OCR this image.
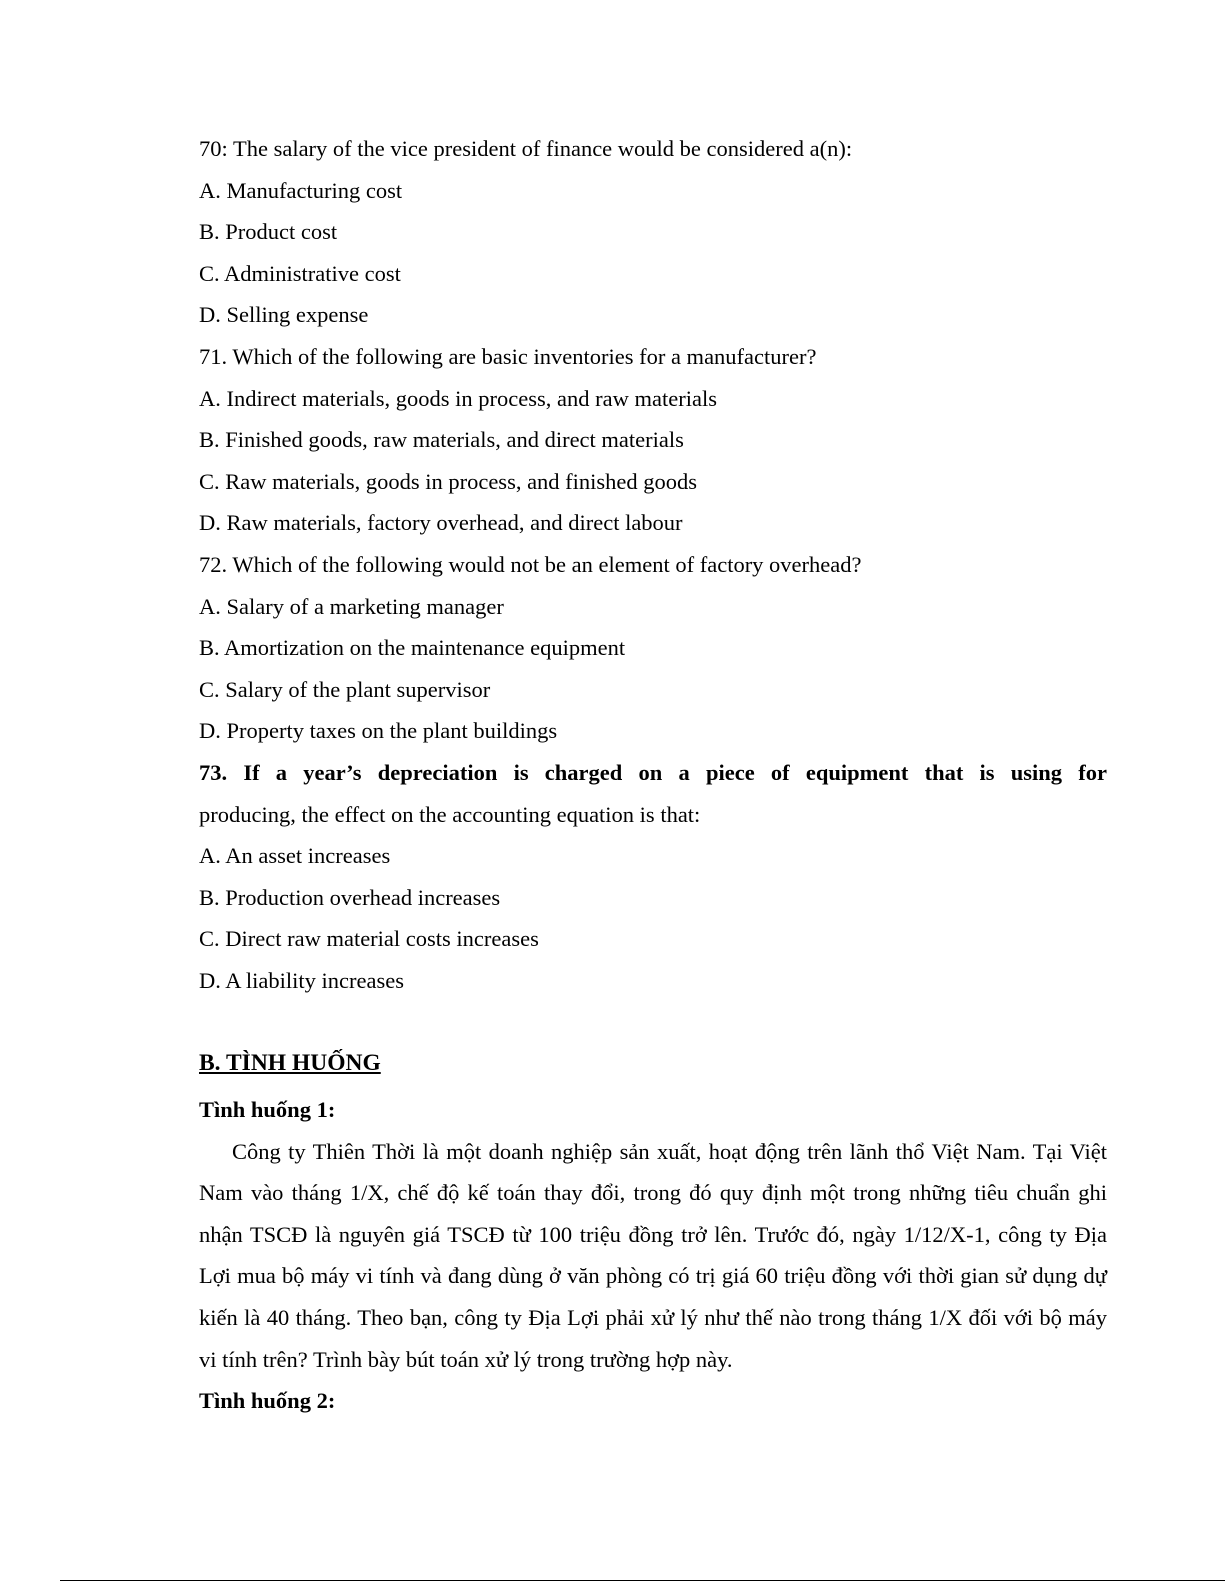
70: The salary of the vice president of finance would be considered a(n):
A. Manufacturing cost
B. Product cost
C. Administrative cost
D. Selling expense
71. Which of the following are basic inventories for a manufacturer?
A. Indirect materials, goods in process, and raw materials
B. Finished goods, raw materials, and direct materials
C. Raw materials, goods in process, and finished goods
D. Raw materials, factory overhead, and direct labour
72. Which of the following would not be an element of factory overhead?
A. Salary of a marketing manager
B. Amortization on the maintenance equipment
C. Salary of the plant supervisor
D. Property taxes on the plant buildings
73. If a year’s depreciation is charged on a piece of equipment that is using for
producing, the effect on the accounting equation is that:
A. An asset increases
B. Production overhead increases
C. Direct raw material costs increases
D. A liability increases
B. TÌNH HUỐNG
Tình huống 1:
Công ty Thiên Thời là một doanh nghiệp sản xuất, hoạt động trên lãnh thổ Việt Nam. Tại Việt Nam vào tháng 1/X, chế độ kế toán thay đổi, trong đó quy định một trong những tiêu chuẩn ghi nhận TSCĐ là nguyên giá TSCĐ từ 100 triệu đồng trở lên. Trước đó, ngày 1/12/X-1, công ty Địa Lợi mua bộ máy vi tính và đang dùng ở văn phòng có trị giá 60 triệu đồng với thời gian sử dụng dự kiến là 40 tháng. Theo bạn, công ty Địa Lợi phải xử lý như thế nào trong tháng 1/X đối với bộ máy vi tính trên? Trình bày bút toán xử lý trong trường hợp này.
Tình huống 2:
